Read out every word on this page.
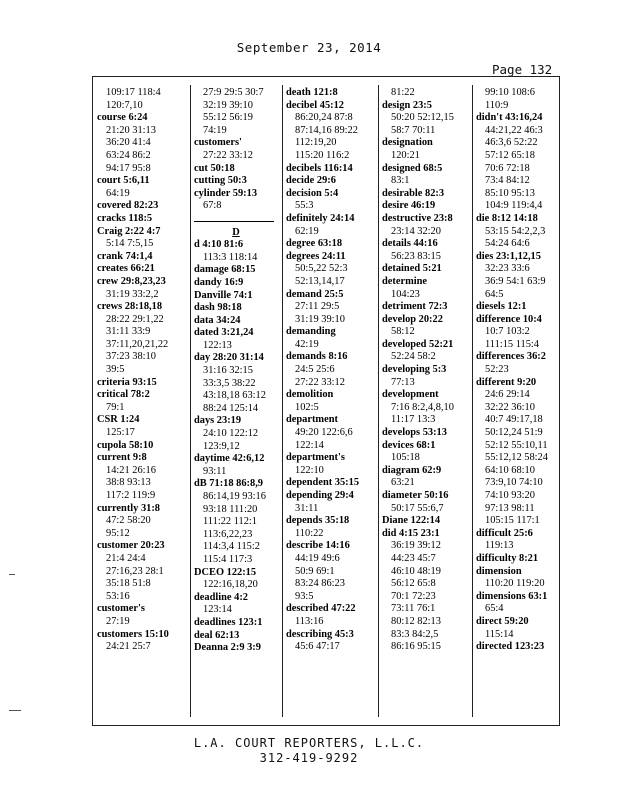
September 23, 2014
Page 132
109:17 118:4
120:7,10
course 6:24
21:20 31:13
36:20 41:4
63:24 86:2
94:17 95:8
court 5:6,11
64:19
covered 82:23
cracks 118:5
Craig 2:22 4:7
5:14 7:5,15
crank 74:1,4
creates 66:21
crew 29:8,23,23
31:19 33:2,2
crews 28:18,18
28:22 29:1,22
31:11 33:9
37:11,20,21,22
37:23 38:10
39:5
criteria 93:15
critical 78:2
79:1
CSR 1:24
125:17
cupola 58:10
current 9:8
14:21 26:16
38:8 93:13
117:2 119:9
currently 31:8
47:2 58:20
95:12
customer 20:23
21:4 24:4
27:16,23 28:1
35:18 51:8
53:16
customer's
27:19
customers 15:10
24:21 25:7
27:9 29:5 30:7
32:19 39:10
55:12 56:19
74:19
customers'
27:22 33:12
cut 50:18
cutting 50:3
cylinder 59:13
67:8
D
d 4:10 81:6
113:3 118:14
damage 68:15
dandy 16:9
Danville 74:1
dash 98:18
data 34:24
dated 3:21,24
122:13
day 28:20 31:14
31:16 32:15
33:3,5 38:22
43:18,18 63:12
88:24 125:14
days 23:19
24:10 122:12
123:9,12
daytime 42:6,12
93:11
dB 71:18 86:8,9
86:14,19 93:16
93:18 111:20
111:22 112:1
113:6,22,23
114:3,4 115:2
115:4 117:3
DCEO 122:15
122:16,18,20
deadline 4:2
123:14
deadlines 123:1
deal 62:13
Deanna 2:9 3:9
death 121:8
decibel 45:12
86:20,24 87:8
87:14,16 89:22
112:19,20
115:20 116:2
decibels 116:14
decide 29:6
decision 5:4
55:3
definitely 24:14
62:19
degree 63:18
degrees 24:11
50:5,22 52:3
52:13,14,17
demand 25:5
27:11 29:5
31:19 39:10
demanding
42:19
demands 8:16
24:5 25:6
27:22 33:12
demolition
102:5
department
49:20 122:6,6
122:14
department's
122:10
dependent 35:15
depending 29:4
31:11
depends 35:18
110:22
describe 14:16
44:19 49:6
50:9 69:1
83:24 86:23
93:5
described 47:22
113:16
describing 45:3
45:6 47:17
81:22
design 23:5
50:20 52:12,15
58:7 70:11
designation
120:21
designed 68:5
83:1
desirable 82:3
desire 46:19
destructive 23:8
23:14 32:20
details 44:16
56:23 83:15
detained 5:21
determine
104:23
detriment 72:3
develop 20:22
58:12
developed 52:21
52:24 58:2
developing 5:3
77:13
development
7:16 8:2,4,8,10
11:17 13:3
develops 53:13
devices 68:1
105:18
diagram 62:9
63:21
diameter 50:16
50:17 55:6,7
Diane 122:14
did 4:15 23:1
36:19 39:12
44:23 45:7
46:10 48:19
56:12 65:8
70:1 72:23
73:11 76:1
80:12 82:13
83:3 84:2,5
86:16 95:15
99:10 108:6
110:9
didn't 43:16,24
44:21,22 46:3
46:3,6 52:22
57:12 65:18
70:6 72:18
73:4 84:12
85:10 95:13
104:9 119:4,4
die 8:12 14:18
53:15 54:2,2,3
54:24 64:6
dies 23:1,12,15
32:23 33:6
36:9 54:1 63:9
64:5
diesels 12:1
difference 10:4
10:7 103:2
111:15 115:4
differences 36:2
52:23
different 9:20
24:6 29:14
32:22 36:10
40:7 49:17,18
50:12,24 51:9
52:12 55:10,11
55:12,12 58:24
64:10 68:10
73:9,10 74:10
74:10 93:20
97:13 98:11
105:15 117:1
difficult 25:6
119:13
difficulty 8:21
dimension
110:20 119:20
dimensions 63:1
65:4
direct 59:20
115:14
directed 123:23
L.A. COURT REPORTERS, L.L.C.
312-419-9292
